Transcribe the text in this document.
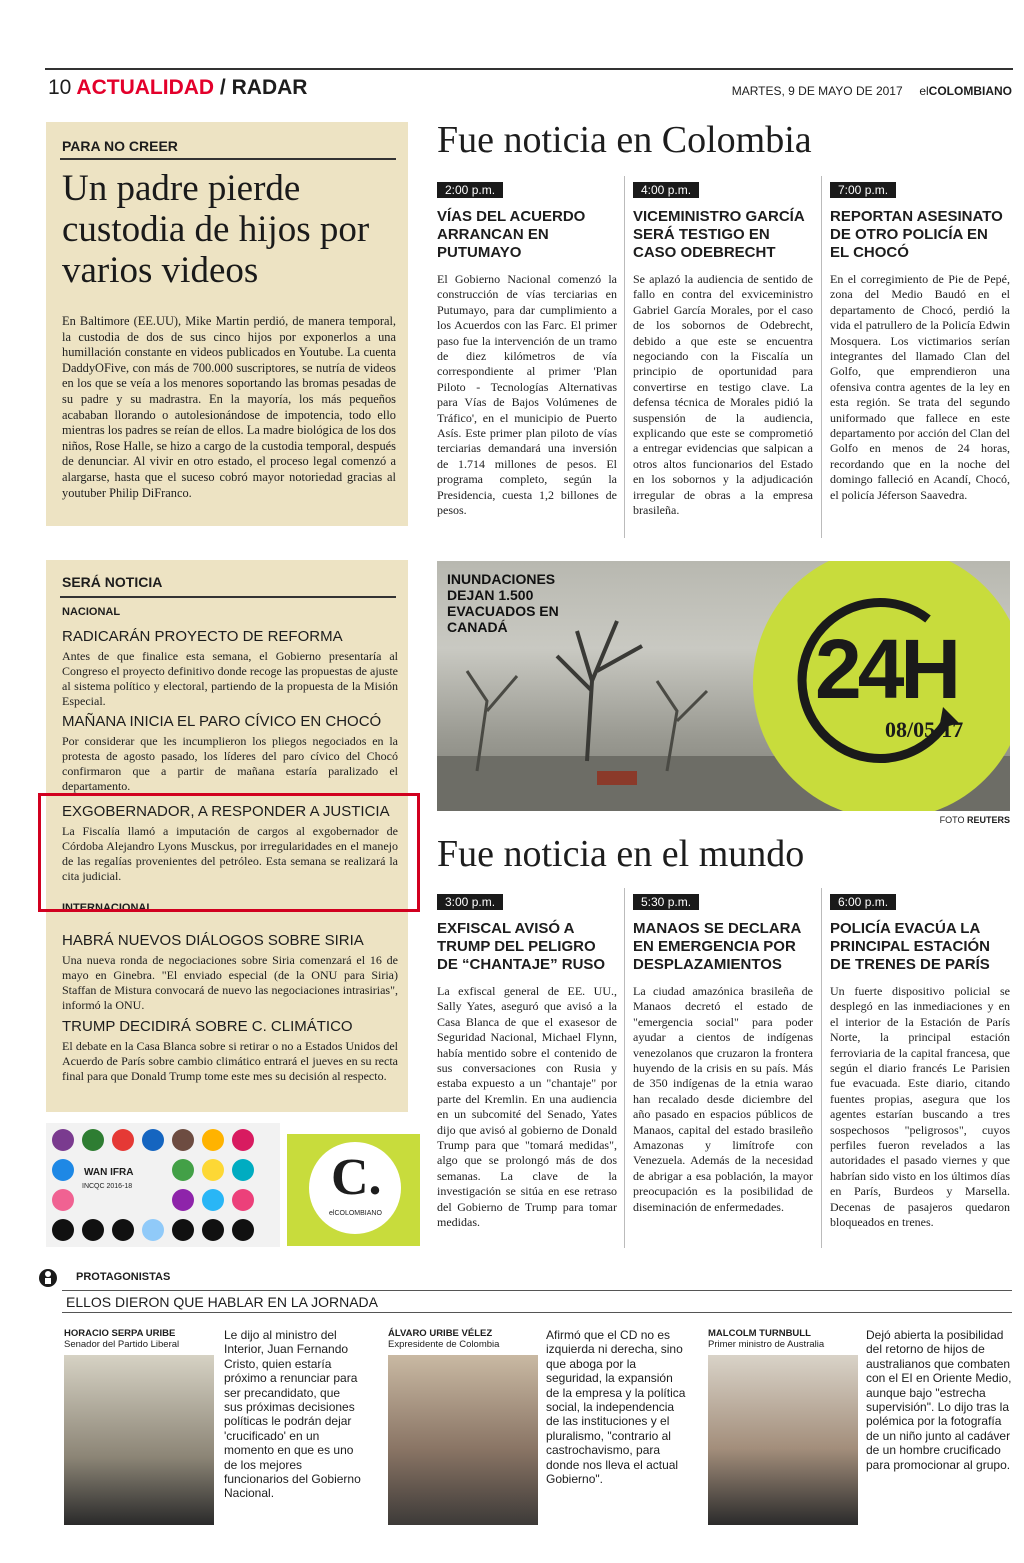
10 ACTUALIDAD / RADAR	MARTES, 9 DE MAYO DE 2017 elCOLOMBIANO
PARA NO CREER
Un padre pierde custodia de hijos por varios videos
En Baltimore (EE.UU), Mike Martin perdió, de manera temporal, la custodia de dos de sus cinco hijos por exponerlos a una humillación constante en videos publicados en Youtube. La cuenta DaddyOFive, con más de 700.000 suscriptores, se nutría de videos en los que se veía a los menores soportando las bromas pesadas de su padre y su madrastra. En la mayoría, los más pequeños acababan llorando o autolesionándose de impotencia, todo ello mientras los padres se reían de ellos. La madre biológica de los dos niños, Rose Halle, se hizo a cargo de la custodia temporal, después de denunciar. Al vivir en otro estado, el proceso legal comenzó a alargarse, hasta que el suceso cobró mayor notoriedad gracias al youtuber Philip DiFranco.
Fue noticia en Colombia
2:00 p.m.
VÍAS DEL ACUERDO ARRANCAN EN PUTUMAYO
El Gobierno Nacional comenzó la construcción de vías terciarias en Putumayo, para dar cumplimiento a los Acuerdos con las Farc. El primer paso fue la intervención de un tramo de diez kilómetros de vía correspondiente al primer 'Plan Piloto - Tecnologías Alternativas para Vías de Bajos Volúmenes de Tráfico', en el municipio de Puerto Asís. Este primer plan piloto de vías terciarias demandará una inversión de 1.714 millones de pesos. El programa completo, según la Presidencia, cuesta 1,2 billones de pesos.
4:00 p.m.
VICEMINISTRO GARCÍA SERÁ TESTIGO EN CASO ODEBRECHT
Se aplazó la audiencia de sentido de fallo en contra del exviceministro Gabriel García Morales, por el caso de los sobornos de Odebrecht, debido a que este se encuentra negociando con la Fiscalía un principio de oportunidad para convertirse en testigo clave. La defensa técnica de Morales pidió la suspensión de la audiencia, explicando que este se comprometió a entregar evidencias que salpican a otros altos funcionarios del Estado en los sobornos y la adjudicación irregular de obras a la empresa brasileña.
7:00 p.m.
REPORTAN ASESINATO DE OTRO POLICÍA EN EL CHOCÓ
En el corregimiento de Pie de Pepé, zona del Medio Baudó en el departamento de Chocó, perdió la vida el patrullero de la Policía Edwin Mosquera. Los victimarios serían integrantes del llamado Clan del Golfo, que emprendieron una ofensiva contra agentes de la ley en esta región. Se trata del segundo uniformado que fallece en este departamento por acción del Clan del Golfo en menos de 24 horas, recordando que en la noche del domingo falleció en Acandí, Chocó, el policía Jéferson Saavedra.
SERÁ NOTICIA
NACIONAL
RADICARÁN PROYECTO DE REFORMA
Antes de que finalice esta semana, el Gobierno presentaría al Congreso el proyecto definitivo donde recoge las propuestas de ajuste al sistema político y electoral, partiendo de la propuesta de la Misión Especial.
MAÑANA INICIA EL PARO CÍVICO EN CHOCÓ
Por considerar que les incumplieron los pliegos negociados en la protesta de agosto pasado, los líderes del paro cívico del Chocó confirmaron que a partir de mañana estaría paralizado el departamento.
EXGOBERNADOR, A RESPONDER A JUSTICIA
La Fiscalía llamó a imputación de cargos al exgobernador de Córdoba Alejandro Lyons Musckus, por irregularidades en el manejo de las regalías provenientes del petróleo. Esta semana se realizará la cita judicial.
INTERNACIONAL
HABRÁ NUEVOS DIÁLOGOS SOBRE SIRIA
Una nueva ronda de negociaciones sobre Siria comenzará el 16 de mayo en Ginebra. "El enviado especial (de la ONU para Siria) Staffan de Mistura convocará de nuevo las negociaciones intrasirias", informó la ONU.
TRUMP DECIDIRÁ SOBRE C. CLIMÁTICO
El debate en la Casa Blanca sobre si retirar o no a Estados Unidos del Acuerdo de París sobre cambio climático entrará el jueves en su recta final para que Donald Trump tome este mes su decisión al respecto.
INUNDACIONES DEJAN 1.500 EVACUADOS EN CANADÁ	24H
08/05/17
FOTO REUTERS
Fue noticia en el mundo
3:00 p.m.
EXFISCAL AVISÓ A TRUMP DEL PELIGRO DE “CHANTAJE” RUSO
La exfiscal general de EE. UU., Sally Yates, aseguró que avisó a la Casa Blanca de que el exasesor de Seguridad Nacional, Michael Flynn, había mentido sobre el contenido de sus conversaciones con Rusia y estaba expuesto a un "chantaje" por parte del Kremlin. En una audiencia en un subcomité del Senado, Yates dijo que avisó al gobierno de Donald Trump para que "tomará medidas", algo que se prolongó más de dos semanas. La clave de la investigación se sitúa en ese retraso del Gobierno de Trump para tomar medidas.
5:30 p.m.
MANAOS SE DECLARA EN EMERGENCIA POR DESPLAZAMIENTOS
La ciudad amazónica brasileña de Manaos decretó el estado de "emergencia social" para poder ayudar a cientos de indígenas venezolanos que cruzaron la frontera huyendo de la crisis en su país. Más de 350 indígenas de la etnia warao han recalado desde diciembre del año pasado en espacios públicos de Manaos, capital del estado brasileño Amazonas y limítrofe con Venezuela. Además de la necesidad de abrigar a esa población, la mayor preocupación es la posibilidad de diseminación de enfermedades.
6:00 p.m.
POLICÍA EVACÚA LA PRINCIPAL ESTACIÓN DE TRENES DE PARÍS
Un fuerte dispositivo policial se desplegó en las inmediaciones y en el interior de la Estación de París Norte, la principal estación ferroviaria de la capital francesa, que según el diario francés Le Parisien fue evacuada. Este diario, citando fuentes propias, asegura que los agentes estarían buscando a tres sospechosos "peligrosos", cuyos perfiles fueron revelados a las autoridades el pasado viernes y que habrían sido visto en los últimos días en París, Burdeos y Marsella. Decenas de pasajeros quedaron bloqueados en trenes.
WAN IFRA
INCQC 2016-18	C.
elCOLOMBIANO
PROTAGONISTAS
ELLOS DIERON QUE HABLAR EN LA JORNADA
HORACIO SERPA URIBE
Senador del Partido Liberal
Le dijo al ministro del Interior, Juan Fernando Cristo, quien estaría próximo a renunciar para ser precandidato, que sus próximas decisiones políticas le podrán dejar 'crucificado' en un momento en que es uno de los mejores funcionarios del Gobierno Nacional.
ÁLVARO URIBE VÉLEZ
Expresidente de Colombia
Afirmó que el CD no es izquierda ni derecha, sino que aboga por la seguridad, la expansión de la empresa y la política social, la independencia de las instituciones y el pluralismo, "contrario al castrochavismo, para donde nos lleva el actual Gobierno".
MALCOLM TURNBULL
Primer ministro de Australia
Dejó abierta la posibilidad del retorno de hijos de australianos que combaten con el EI en Oriente Medio, aunque bajo "estrecha supervisión". Lo dijo tras la polémica por la fotografía de un niño junto al cadáver de un hombre crucificado para promocionar al grupo.
